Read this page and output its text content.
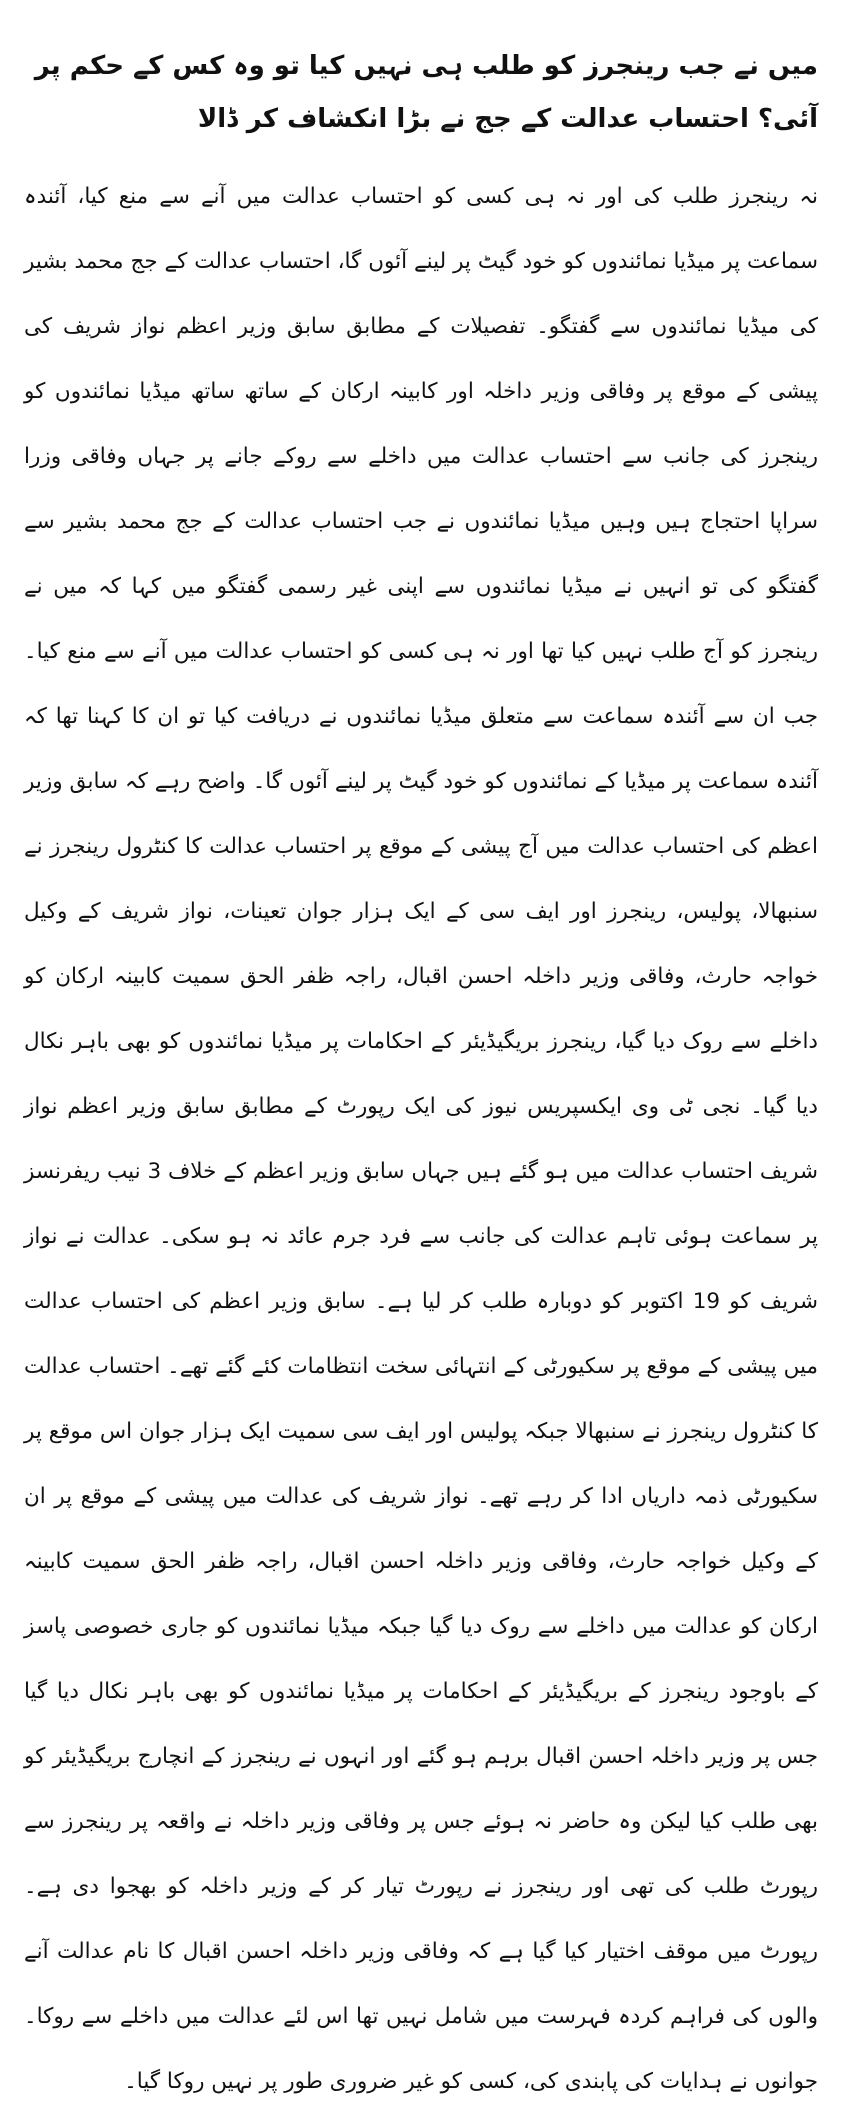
میں نے جب رینجرز کو طلب ہی نہیں کیا تو وہ کس کے حکم پر آئی؟ احتساب عدالت کے جج نے بڑا انکشاف کر ڈالا

نہ رینجرز طلب کی اور نہ ہی کسی کو احتساب عدالت میں آنے سے منع کیا، آئندہ سماعت پر میڈیا نمائندوں کو خود گیٹ پر لینے آئوں گا، احتساب عدالت کے جج محمد بشیر کی میڈیا نمائندوں سے گفتگو۔ تفصیلات کے مطابق سابق وزیر اعظم نواز شریف کی پیشی کے موقع پر وفاقی وزیر داخلہ اور کابینہ ارکان کے ساتھ ساتھ میڈیا نمائندوں کو رینجرز کی جانب سے احتساب عدالت میں داخلے سے روکے جانے پر جہاں وفاقی وزرا سراپا احتجاج ہیں وہیں میڈیا نمائندوں نے جب احتساب عدالت کے جج محمد بشیر سے گفتگو کی تو انہیں نے میڈیا نمائندوں سے اپنی غیر رسمی گفتگو میں کہا کہ میں نے رینجرز کو آج طلب نہیں کیا تھا اور نہ ہی کسی کو احتساب عدالت میں آنے سے منع کیا۔ جب ان سے آئندہ سماعت سے متعلق میڈیا نمائندوں نے دریافت کیا تو ان کا کہنا تھا کہ آئندہ سماعت پر میڈیا کے نمائندوں کو خود گیٹ پر لینے آئوں گا۔ واضح رہے کہ سابق وزیر اعظم کی احتساب عدالت میں آج پیشی کے موقع پر احتساب عدالت کا کنٹرول رینجرز نے سنبھالا، پولیس، رینجرز اور ایف سی کے ایک ہزار جوان تعینات، نواز شریف کے وکیل خواجہ حارث، وفاقی وزیر داخلہ احسن اقبال، راجہ ظفر الحق سمیت کابینہ ارکان کو داخلے سے روک دیا گیا، رینجرز بریگیڈیئر کے احکامات پر میڈیا نمائندوں کو بھی باہر نکال دیا گیا۔ نجی ٹی وی ایکسپریس نیوز کی ایک رپورٹ کے مطابق سابق وزیر اعظم نواز شریف احتساب عدالت میں ہو گئے ہیں جہاں سابق وزیر اعظم کے خلاف 3 نیب ریفرنسز پر سماعت ہوئی تاہم عدالت کی جانب سے فرد جرم عائد نہ ہو سکی۔ عدالت نے نواز شریف کو 19 اکتوبر کو دوبارہ طلب کر لیا ہے۔ سابق وزیر اعظم کی احتساب عدالت میں پیشی کے موقع پر سکیورٹی کے انتہائی سخت انتظامات کئے گئے تھے۔ احتساب عدالت کا کنٹرول رینجرز نے سنبھالا جبکہ پولیس اور ایف سی سمیت ایک ہزار جوان اس موقع پر سکیورٹی ذمہ داریاں ادا کر رہے تھے۔ نواز شریف کی عدالت میں پیشی کے موقع پر ان کے وکیل خواجہ حارث، وفاقی وزیر داخلہ احسن اقبال، راجہ ظفر الحق سمیت کابینہ ارکان کو عدالت میں داخلے سے روک دیا گیا جبکہ میڈیا نمائندوں کو جاری خصوصی پاسز کے باوجود رینجرز کے بریگیڈیئر کے احکامات پر میڈیا نمائندوں کو بھی باہر نکال دیا گیا جس پر وزیر داخلہ احسن اقبال برہم ہو گئے اور انہوں نے رینجرز کے انچارج بریگیڈیئر کو بھی طلب کیا لیکن وہ حاضر نہ ہوئے جس پر وفاقی وزیر داخلہ نے واقعہ پر رینجرز سے رپورٹ طلب کی تھی اور رینجرز نے رپورٹ تیار کر کے وزیر داخلہ کو بھجوا دی ہے۔ رپورٹ میں موقف اختیار کیا گیا ہے کہ وفاقی وزیر داخلہ احسن اقبال کا نام عدالت آنے والوں کی فراہم کردہ فہرست میں شامل نہیں تھا اس لئے عدالت میں داخلے سے روکا۔ جوانوں نے ہدایات کی پابندی کی، کسی کو غیر ضروری طور پر نہیں روکا گیا۔
